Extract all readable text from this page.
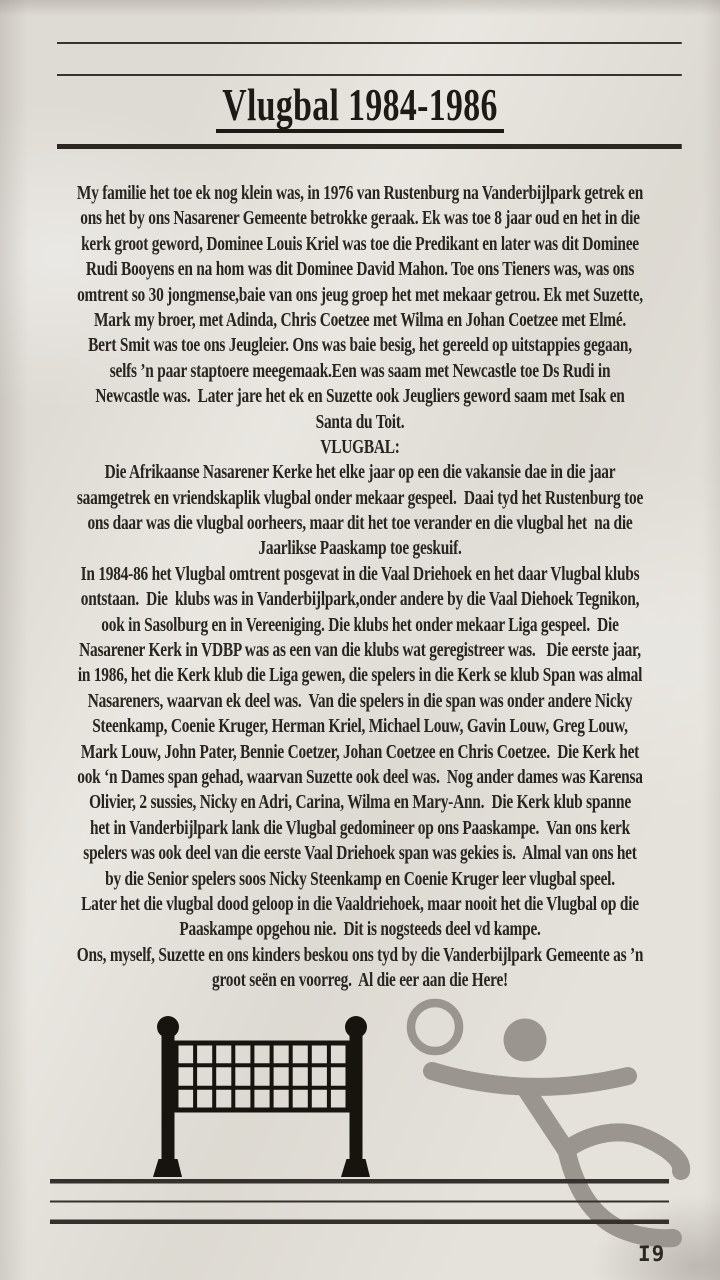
Vlugbal 1984-1986
My familie het toe ek nog klein was, in 1976 van Rustenburg na Vanderbijlpark getrek en
ons het by ons Nasarener Gemeente betrokke geraak. Ek was toe 8 jaar oud en het in die
kerk groot geword, Dominee Louis Kriel was toe die Predikant en later was dit Dominee
Rudi Booyens en na hom was dit Dominee David Mahon. Toe ons Tieners was, was ons
omtrent so 30 jongmense,baie van ons jeug groep het met mekaar getrou. Ek met Suzette,
Mark my broer, met Adinda, Chris Coetzee met Wilma en Johan Coetzee met Elmé.
Bert Smit was toe ons Jeugleier. Ons was baie besig, het gereeld op uitstappies gegaan,
selfs ’n paar staptoere meegemaak.Een was saam met Newcastle toe Ds Rudi in
Newcastle was.  Later jare het ek en Suzette ook Jeugliers geword saam met Isak en
Santa du Toit.
VLUGBAL:
Die Afrikaanse Nasarener Kerke het elke jaar op een die vakansie dae in die jaar
saamgetrek en vriendskaplik vlugbal onder mekaar gespeel.  Daai tyd het Rustenburg toe
ons daar was die vlugbal oorheers, maar dit het toe verander en die vlugbal het  na die
Jaarlikse Paaskamp toe geskuif.
In 1984-86 het Vlugbal omtrent posgevat in die Vaal Driehoek en het daar Vlugbal klubs
ontstaan.  Die  klubs was in Vanderbijlpark,onder andere by die Vaal Diehoek Tegnikon,
ook in Sasolburg en in Vereeniging. Die klubs het onder mekaar Liga gespeel.  Die
Nasarener Kerk in VDBP was as een van die klubs wat geregistreer was.   Die eerste jaar,
in 1986, het die Kerk klub die Liga gewen, die spelers in die Kerk se klub Span was almal
Nasareners, waarvan ek deel was.  Van die spelers in die span was onder andere Nicky
Steenkamp, Coenie Kruger, Herman Kriel, Michael Louw, Gavin Louw, Greg Louw,
Mark Louw, John Pater, Bennie Coetzer, Johan Coetzee en Chris Coetzee.  Die Kerk het
ook ‘n Dames span gehad, waarvan Suzette ook deel was.  Nog ander dames was Karensa
Olivier, 2 sussies, Nicky en Adri, Carina, Wilma en Mary-Ann.  Die Kerk klub spanne
het in Vanderbijlpark lank die Vlugbal gedomineer op ons Paaskampe.  Van ons kerk
spelers was ook deel van die eerste Vaal Driehoek span was gekies is.  Almal van ons het
by die Senior spelers soos Nicky Steenkamp en Coenie Kruger leer vlugbal speel.
Later het die vlugbal dood geloop in die Vaaldriehoek, maar nooit het die Vlugbal op die
Paaskampe opgehou nie.  Dit is nogsteeds deel vd kampe.
Ons, myself, Suzette en ons kinders beskou ons tyd by die Vanderbijlpark Gemeente as ’n
groot seën en voorreg.  Al die eer aan die Here!
I9
